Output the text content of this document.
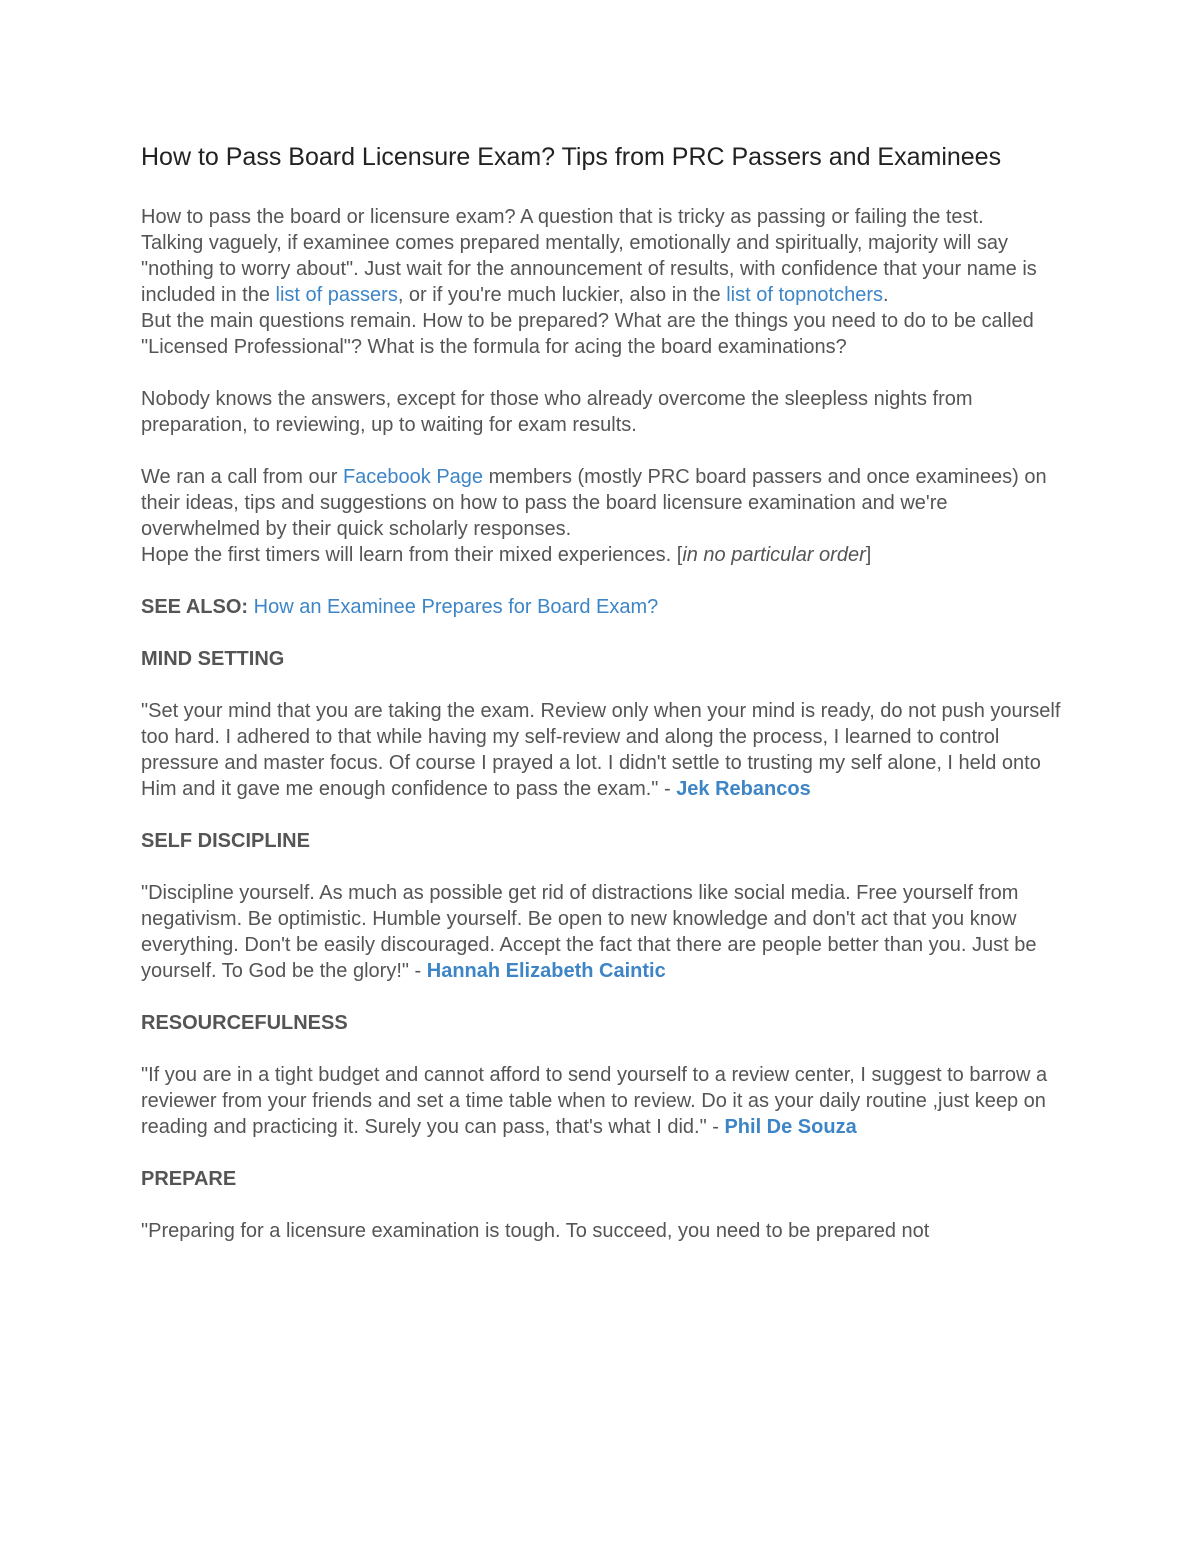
How to Pass Board Licensure Exam? Tips from PRC Passers and Examinees

How to pass the board or licensure exam? A question that is tricky as passing or failing the test.

Talking vaguely, if examinee comes prepared mentally, emotionally and spiritually, majority will say "nothing to worry about". Just wait for the announcement of results, with confidence that your name is included in the list of passers, or if you're much luckier, also in the list of topnotchers.

But the main questions remain. How to be prepared? What are the things you need to do to be called "Licensed Professional"? What is the formula for acing the board examinations?

Nobody knows the answers, except for those who already overcome the sleepless nights from preparation, to reviewing, up to waiting for exam results.

We ran a call from our Facebook Page members (mostly PRC board passers and once examinees) on their ideas, tips and suggestions on how to pass the board licensure examination and we're overwhelmed by their quick scholarly responses.

Hope the first timers will learn from their mixed experiences. [in no particular order]

SEE ALSO: How an Examinee Prepares for Board Exam?

MIND SETTING

"Set your mind that you are taking the exam. Review only when your mind is ready, do not push yourself too hard. I adhered to that while having my self-review and along the process, I learned to control pressure and master focus. Of course I prayed a lot. I didn't settle to trusting my self alone, I held onto Him and it gave me enough confidence to pass the exam." - Jek Rebancos

SELF DISCIPLINE

"Discipline yourself. As much as possible get rid of distractions like social media. Free yourself from negativism. Be optimistic. Humble yourself. Be open to new knowledge and don't act that you know everything. Don't be easily discouraged. Accept the fact that there are people better than you. Just be yourself. To God be the glory!" - Hannah Elizabeth Caintic

RESOURCEFULNESS

"If you are in a tight budget and cannot afford to send yourself to a review center, I suggest to barrow a reviewer from your friends and set a time table when to review. Do it as your daily routine ,just keep on reading and practicing it. Surely you can pass, that's what I did." - Phil De Souza

PREPARE

"Preparing for a licensure examination is tough. To succeed, you need to be prepared not
